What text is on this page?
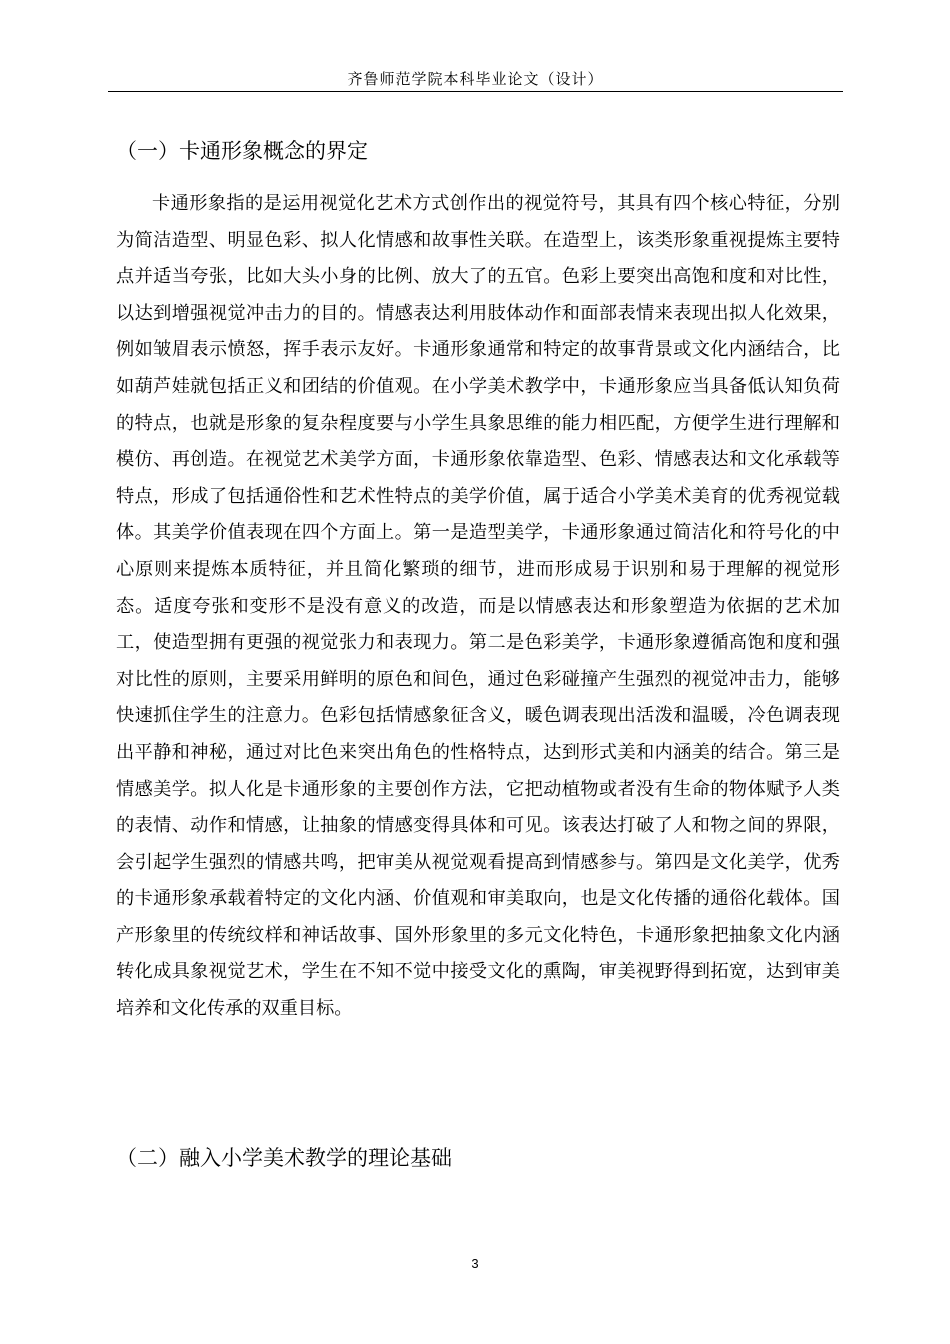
齐鲁师范学院本科毕业论文（设计）
（一）卡通形象概念的界定

卡通形象指的是运用视觉化艺术方式创作出的视觉符号，其具有四个核心特征，分别为简洁造型、明显色彩、拟人化情感和故事性关联。在造型上，该类形象重视提炼主要特点并适当夸张，比如大头小身的比例、放大了的五官。色彩上要突出高饱和度和对比性，以达到增强视觉冲击力的目的。情感表达利用肢体动作和面部表情来表现出拟人化效果，例如皱眉表示愤怒，挥手表示友好。卡通形象通常和特定的故事背景或文化内涵结合，比如葫芦娃就包括正义和团结的价值观。在小学美术教学中，卡通形象应当具备低认知负荷的特点，也就是形象的复杂程度要与小学生具象思维的能力相匹配，方便学生进行理解和模仿、再创造。在视觉艺术美学方面，卡通形象依靠造型、色彩、情感表达和文化承载等特点，形成了包括通俗性和艺术性特点的美学价值，属于适合小学美术美育的优秀视觉载体。其美学价值表现在四个方面上。第一是造型美学，卡通形象通过简洁化和符号化的中心原则来提炼本质特征，并且简化繁琐的细节，进而形成易于识别和易于理解的视觉形态。适度夸张和变形不是没有意义的改造，而是以情感表达和形象塑造为依据的艺术加工，使造型拥有更强的视觉张力和表现力。第二是色彩美学，卡通形象遵循高饱和度和强对比性的原则，主要采用鲜明的原色和间色，通过色彩碰撞产生强烈的视觉冲击力，能够快速抓住学生的注意力。色彩包括情感象征含义，暖色调表现出活泼和温暖，冷色调表现出平静和神秘，通过对比色来突出角色的性格特点，达到形式美和内涵美的结合。第三是情感美学。拟人化是卡通形象的主要创作方法，它把动植物或者没有生命的物体赋予人类的表情、动作和情感，让抽象的情感变得具体和可见。该表达打破了人和物之间的界限，会引起学生强烈的情感共鸣，把审美从视觉观看提高到情感参与。第四是文化美学，优秀的卡通形象承载着特定的文化内涵、价值观和审美取向，也是文化传播的通俗化载体。国产形象里的传统纹样和神话故事、国外形象里的多元文化特色，卡通形象把抽象文化内涵转化成具象视觉艺术，学生在不知不觉中接受文化的熏陶，审美视野得到拓宽，达到审美培养和文化传承的双重目标。

（二）融入小学美术教学的理论基础
3
